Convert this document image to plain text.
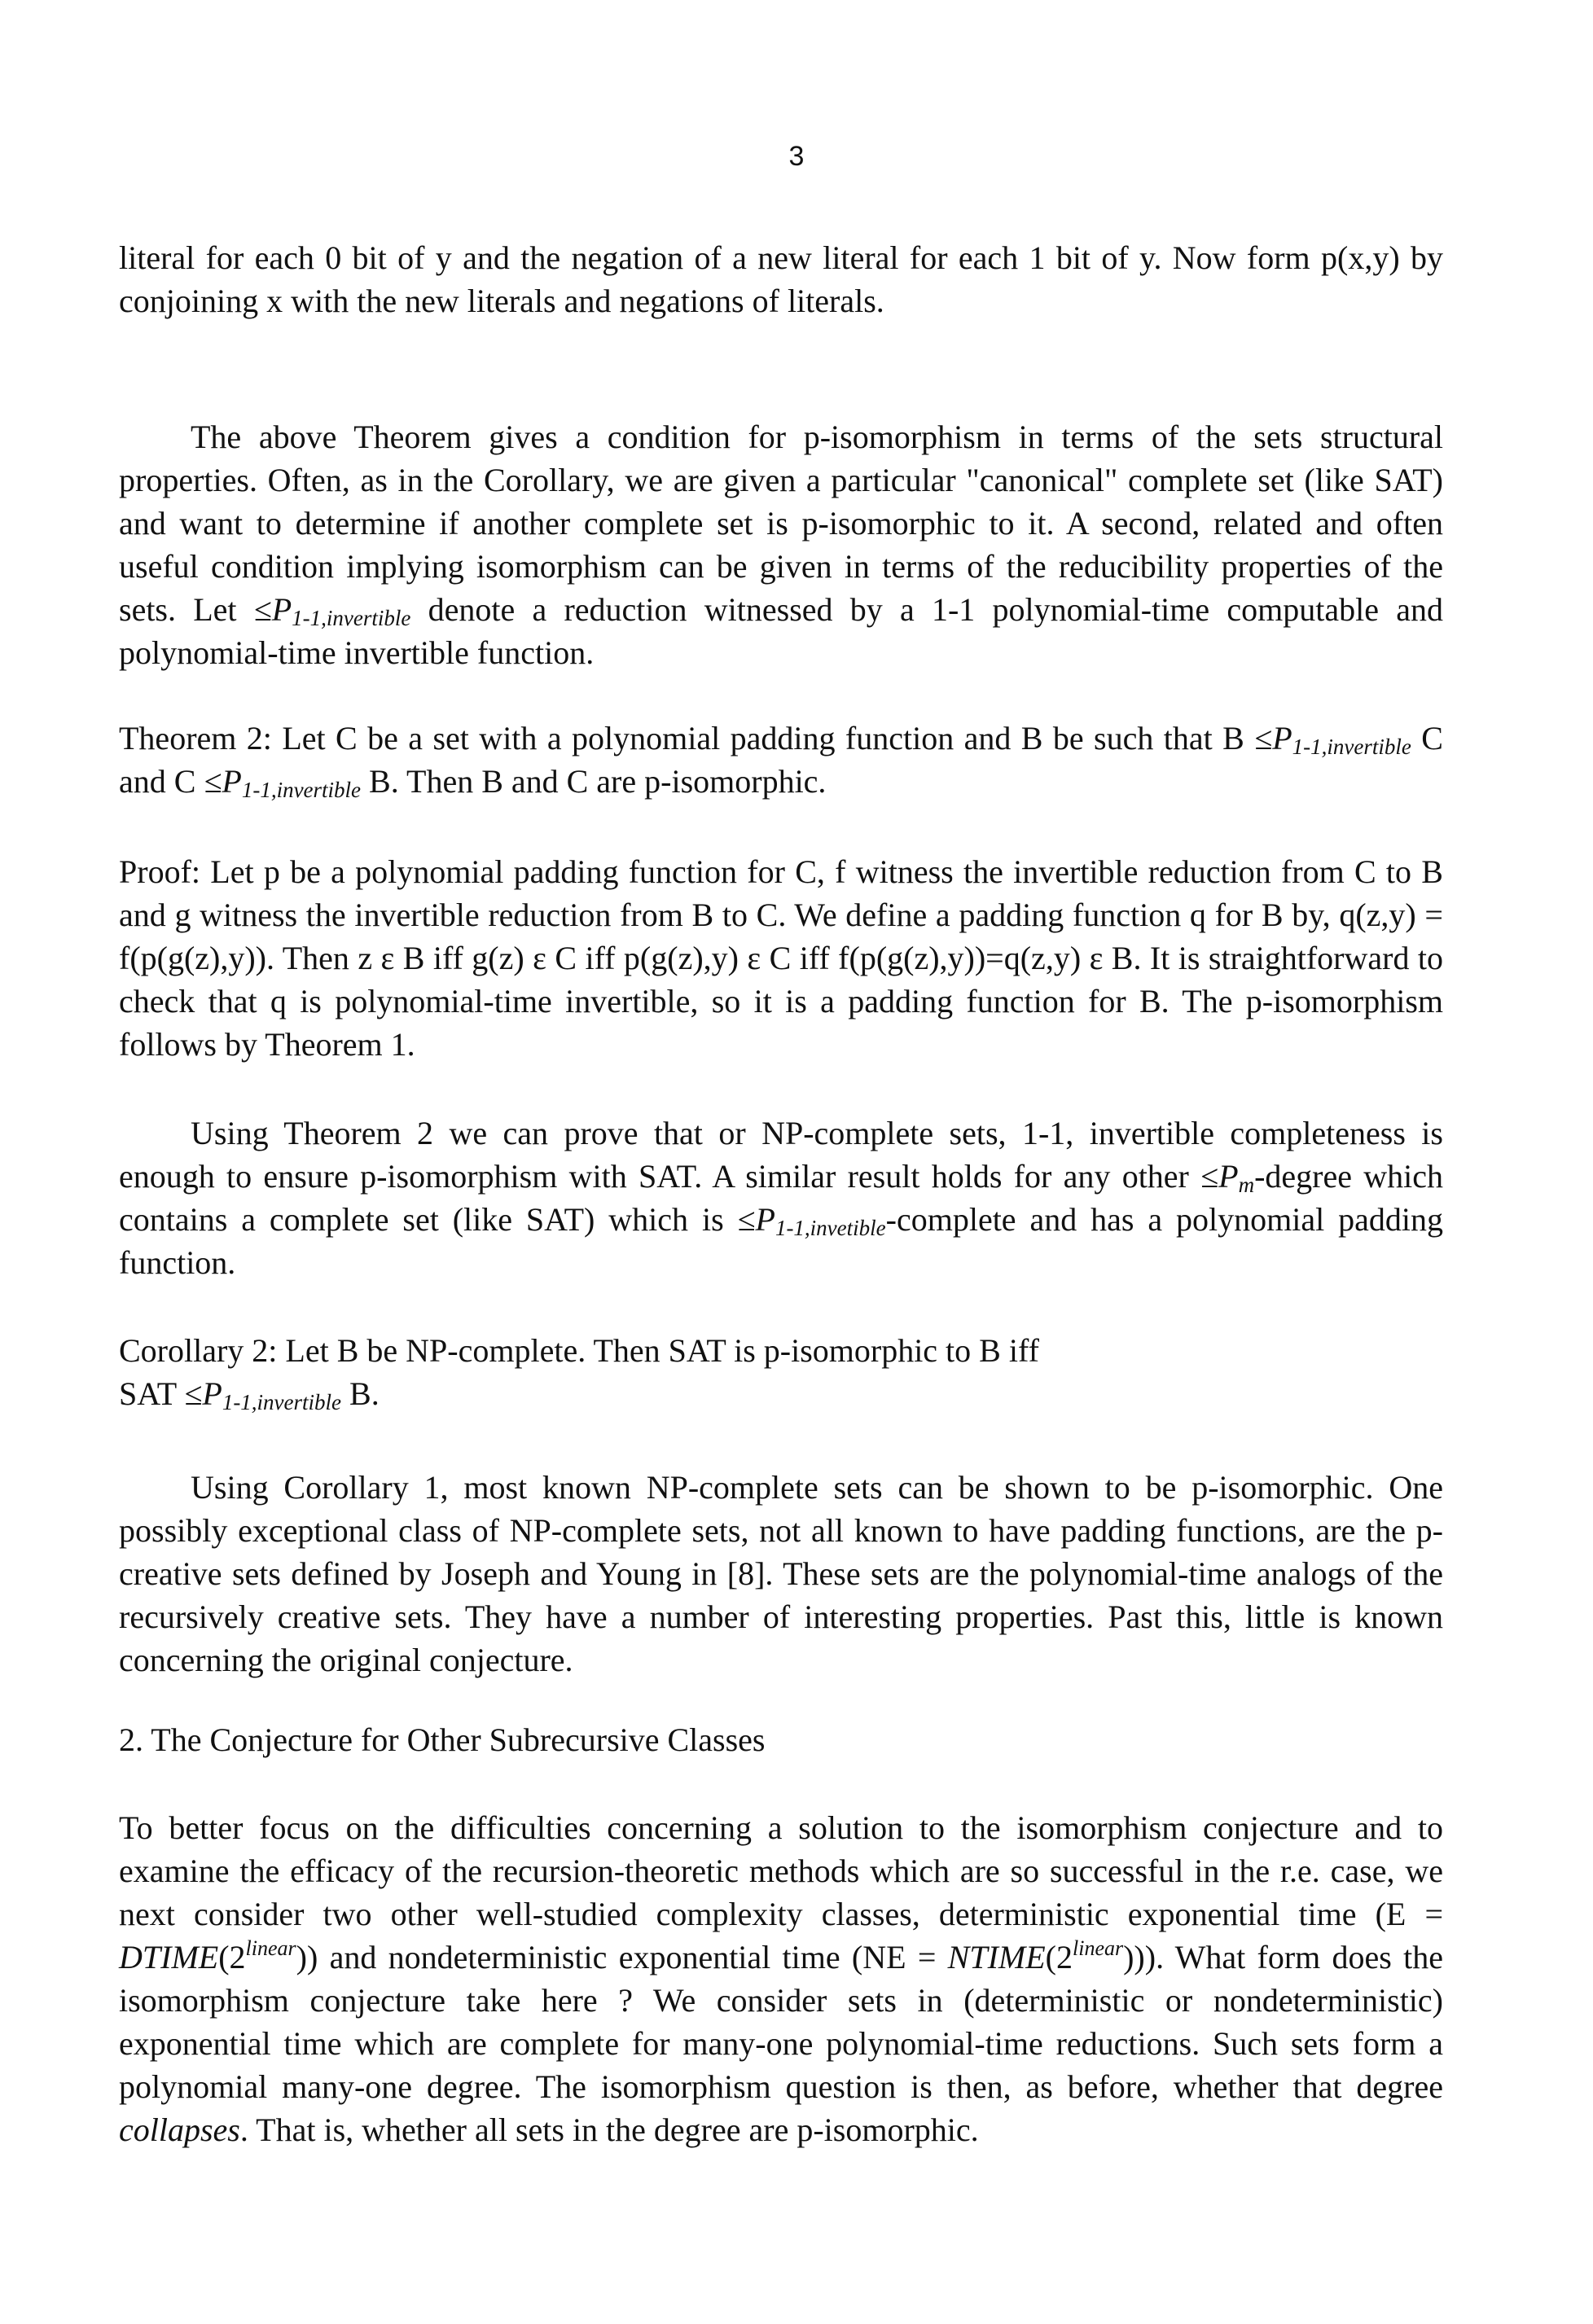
3

literal for each 0 bit of y and the negation of a new literal for each 1 bit of y. Now form p(x,y) by conjoining x with the new literals and negations of literals.

The above Theorem gives a condition for p-isomorphism in terms of the sets structural properties. Often, as in the Corollary, we are given a particular "canonical" complete set (like SAT) and want to determine if another complete set is p-isomorphic to it. A second, related and often useful condition implying isomorphism can be given in terms of the reducibility properties of the sets. Let $\le P_{1-1,invertible}$ denote a reduction witnessed by a 1-1 polynomial-time computable and polynomial-time invertible function.

Theorem 2: Let C be a set with a polynomial padding function and B be such that $B \le P_{1-1,invertible}$ C and $C \le P_{1-1,invertible}$ B. Then B and C are p-isomorphic.

Proof: Let p be a polynomial padding function for C, f witness the invertible reduction from C to B and g witness the invertible reduction from B to C. We define a padding function q for B by, q(z,y) = f(p(g(z),y)). Then z ε B iff g(z) ε C iff p(g(z),y) ε C iff f(p(g(z),y))=q(z,y) ε B. It is straightforward to check that q is polynomial-time invertible, so it is a padding function for B. The p-isomorphism follows by Theorem 1.

Using Theorem 2 we can prove that or NP-complete sets, 1-1, invertible completeness is enough to ensure p-isomorphism with SAT. A similar result holds for any other $\le P_m$-degree which contains a complete set (like SAT) which is $\le P_{1-1,invetible}$-complete and has a polynomial padding function.

Corollary 2: Let B be NP-complete. Then SAT is p-isomorphic to B iff
SAT $\le P_{1-1,invertible}$ B.

Using Corollary 1, most known NP-complete sets can be shown to be p-isomorphic. One possibly exceptional class of NP-complete sets, not all known to have padding functions, are the p-creative sets defined by Joseph and Young in [8]. These sets are the polynomial-time analogs of the recursively creative sets. They have a number of interesting properties. Past this, little is known concerning the original conjecture.

2. The Conjecture for Other Subrecursive Classes

To better focus on the difficulties concerning a solution to the isomorphism conjecture and to examine the efficacy of the recursion-theoretic methods which are so successful in the r.e. case, we next consider two other well-studied complexity classes, deterministic exponential time $(E = DTIME(2^{linear}))$ and nondeterministic exponential time $(NE = NTIME(2^{linear}))$). What form does the isomorphism conjecture take here ? We consider sets in (deterministic or nondeterministic) exponential time which are complete for many-one polynomial-time reductions. Such sets form a polynomial many-one degree. The isomorphism question is then, as before, whether that degree collapses. That is, whether all sets in the degree are p-isomorphic.
